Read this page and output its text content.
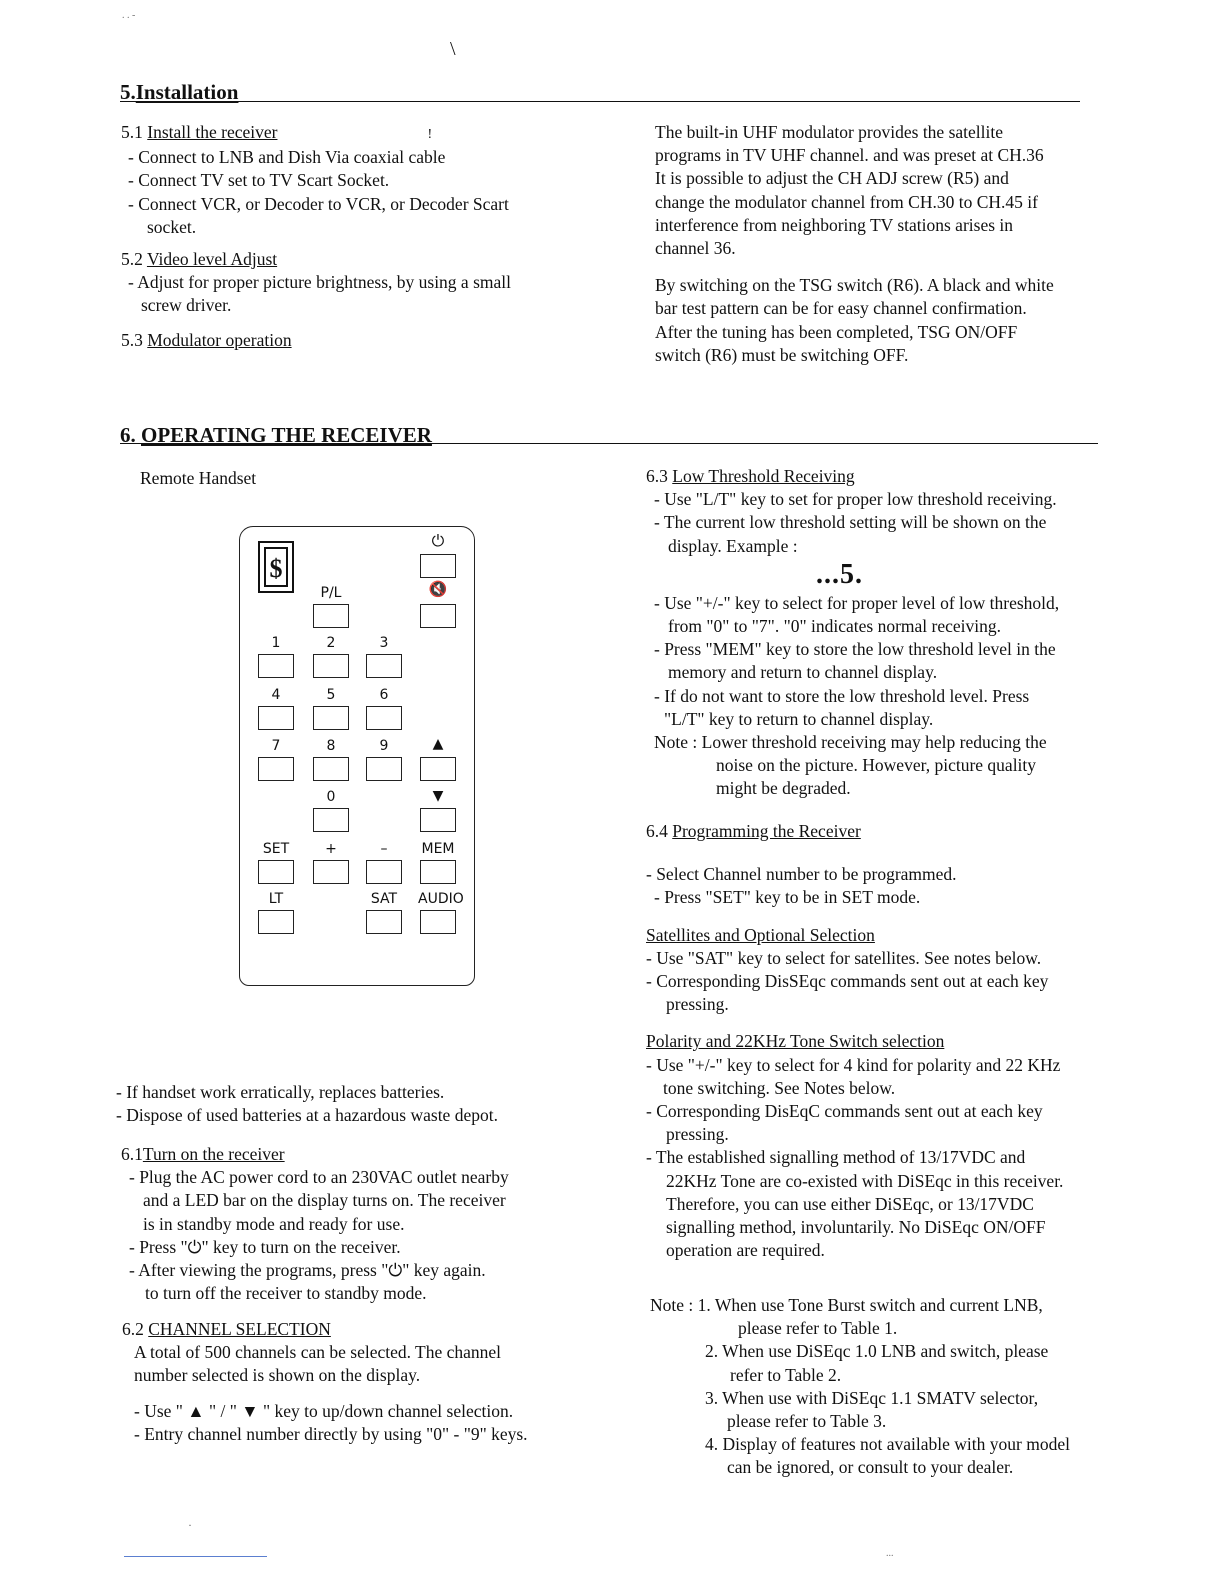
. . -
\
5.Installation
5.1 Install the receiver	!
- Connect to LNB and Dish Via coaxial cable
- Connect TV set to TV Scart Socket.
- Connect VCR, or Decoder to VCR, or Decoder Scart
socket.
5.2 Video level Adjust
- Adjust for proper picture brightness, by using a small
screw driver.
5.3 Modulator operation
The built-in UHF modulator provides the satellite
programs in TV UHF channel. and was preset at CH.36
It is possible to adjust the CH ADJ screw (R5) and
change the modulator channel from CH.30 to CH.45 if
interference from neighboring TV stations arises in
channel 36.
By switching on the TSG switch (R6). A black and white
bar test pattern can be for easy channel confirmation.
After the tuning has been completed, TSG ON/OFF
switch (R6) must be switching OFF.
6. OPERATING THE RECEIVER
Remote Handset
$
⏻
🔇
P/L
1	2	3
4	5	6
7	8	9	▲
0	▼
SET	+	–	MEM
LT	SAT	AUDIO
- If handset work erratically, replaces batteries.
- Dispose of used batteries at a hazardous waste depot.
6.1Turn on the receiver
- Plug the AC power cord to an 230VAC outlet nearby
and a LED bar on the display turns on. The receiver
is in standby mode and ready for use.
- Press "⏻" key to turn on the receiver.
- After viewing the programs, press "⏻" key again.
to turn off the receiver to standby mode.
6.2 CHANNEL SELECTION
A total of 500 channels can be selected. The channel
number selected is shown on the display.
- Use " ▲ " / " ▼ " key to up/down channel selection.
- Entry channel number directly by using "0" - "9" keys.
6.3 Low Threshold Receiving
- Use "L/T" key to set for proper low threshold receiving.
- The current low threshold setting will be shown on the
display. Example :
...5.
- Use "+/-" key to select for proper level of low threshold,
from "0" to "7". "0" indicates normal receiving.
- Press "MEM" key to store the low threshold level in the
memory and return to channel display.
- If do not want to store the low threshold level. Press
"L/T" key to return to channel display.
Note : Lower threshold receiving may help reducing the
noise on the picture. However, picture quality
might be degraded.
6.4 Programming the Receiver
- Select Channel number to be programmed.
- Press "SET" key to be in SET mode.
Satellites and Optional Selection
- Use "SAT" key to select for satellites. See notes below.
- Corresponding DisSEqc commands sent out at each key
pressing.
Polarity and 22KHz Tone Switch selection
- Use "+/-" key to select for 4 kind for polarity and 22 KHz
tone switching. See Notes below.
- Corresponding DisEqC commands sent out at each key
pressing.
- The established signalling method of 13/17VDC and
22KHz Tone are co-existed with DiSEqc in this receiver.
Therefore, you can use either DiSEqc, or 13/17VDC
signalling method, involuntarily. No DiSEqc ON/OFF
operation are required.
Note : 1. When use Tone Burst switch and current LNB,
please refer to Table 1.
2. When use DiSEqc 1.0 LNB and switch, please
refer to Table 2.
3. When use with DiSEqc 1.1 SMATV selector,
please refer to Table 3.
4. Display of features not available with your model
can be ignored, or consult to your dealer.
·
...
